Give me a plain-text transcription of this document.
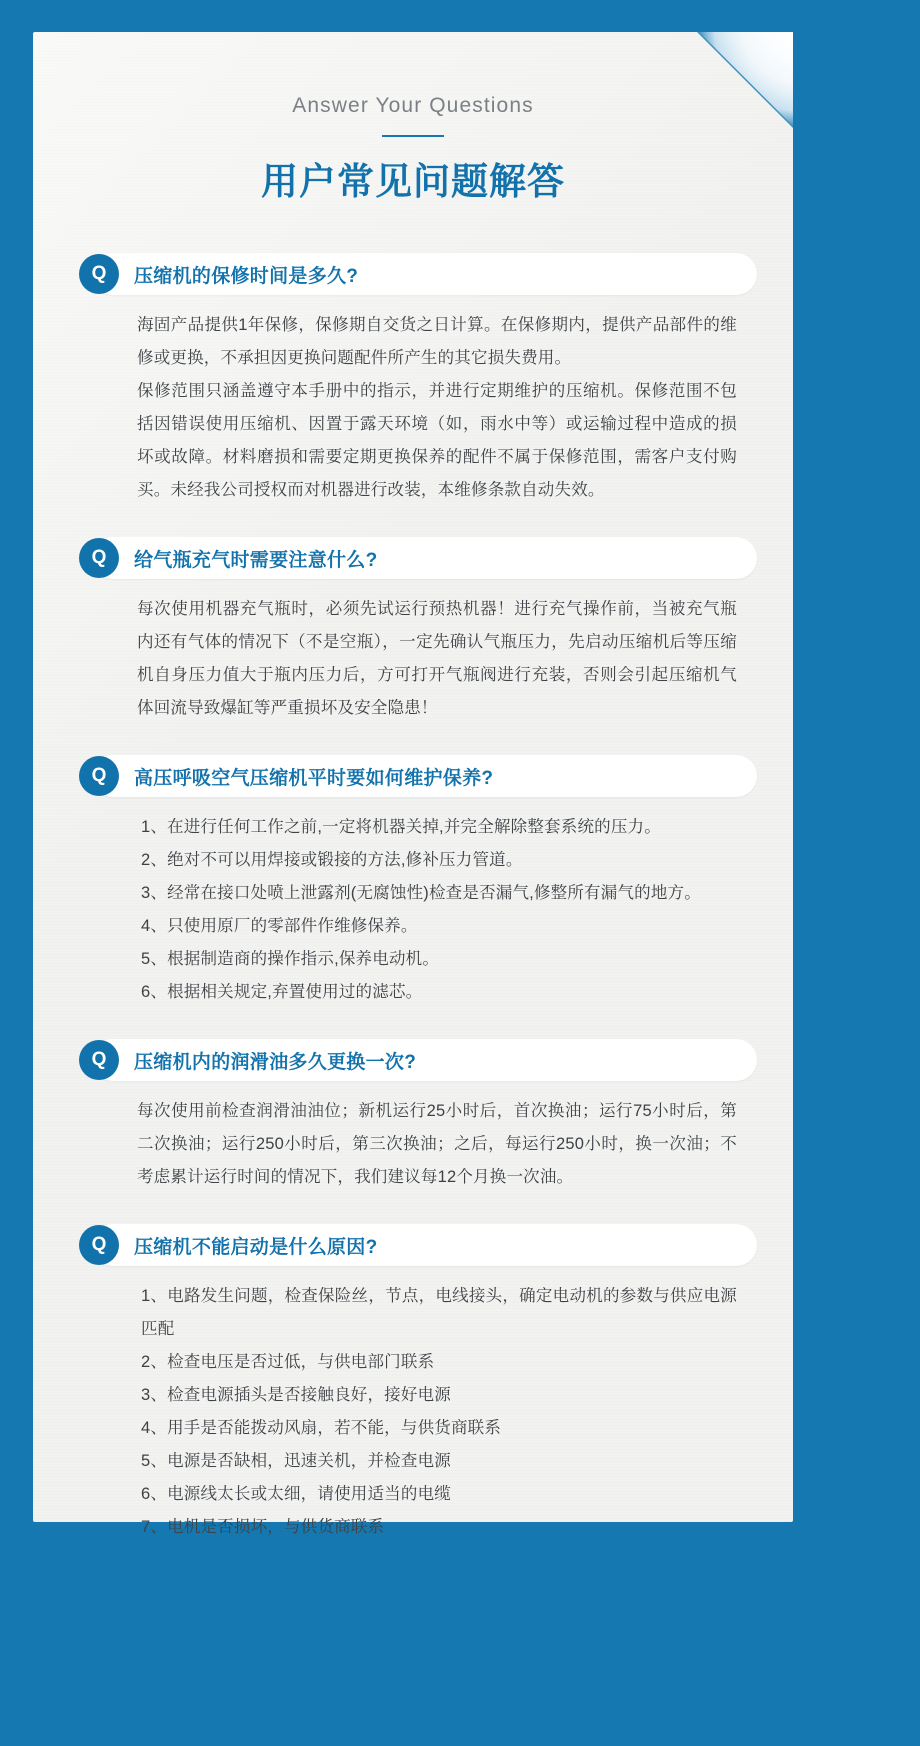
Answer Your Questions
用户常见问题解答
Q	压缩机的保修时间是多久?

海固产品提供1年保修，保修期自交货之日计算。在保修期内，提供产品部件的维修或更换，不承担因更换问题配件所产生的其它损失费用。

保修范围只涵盖遵守本手册中的指示，并进行定期维护的压缩机。保修范围不包括因错误使用压缩机、因置于露天环境（如，雨水中等）或运输过程中造成的损坏或故障。材料磨损和需要定期更换保养的配件不属于保修范围，需客户支付购买。未经我公司授权而对机器进行改装，本维修条款自动失效。

Q	给气瓶充气时需要注意什么?

每次使用机器充气瓶时，必须先试运行预热机器！进行充气操作前，当被充气瓶内还有气体的情况下（不是空瓶），一定先确认气瓶压力，先启动压缩机后等压缩机自身压力值大于瓶内压力后，方可打开气瓶阀进行充装，否则会引起压缩机气体回流导致爆缸等严重损坏及安全隐患！

Q	高压呼吸空气压缩机平时要如何维护保养?
1、在进行任何工作之前,一定将机器关掉,并完全解除整套系统的压力。
2、绝对不可以用焊接或锻接的方法,修补压力管道。
3、经常在接口处喷上泄露剂(无腐蚀性)检查是否漏气,修整所有漏气的地方。
4、只使用原厂的零部件作维修保养。
5、根据制造商的操作指示,保养电动机。
6、根据相关规定,弃置使用过的滤芯。
Q	压缩机内的润滑油多久更换一次?

每次使用前检查润滑油油位；新机运行25小时后，首次换油；运行75小时后，第二次换油；运行250小时后，第三次换油；之后，每运行250小时，换一次油；不考虑累计运行时间的情况下，我们建议每12个月换一次油。

Q	压缩机不能启动是什么原因?
1、电路发生问题，检查保险丝，节点，电线接头，确定电动机的参数与供应电源匹配
2、检查电压是否过低，与供电部门联系
3、检查电源插头是否接触良好，接好电源
4、用手是否能拨动风扇，若不能，与供货商联系
5、电源是否缺相，迅速关机，并检查电源
6、电源线太长或太细，请使用适当的电缆
7、电机是否损坏，与供货商联系
